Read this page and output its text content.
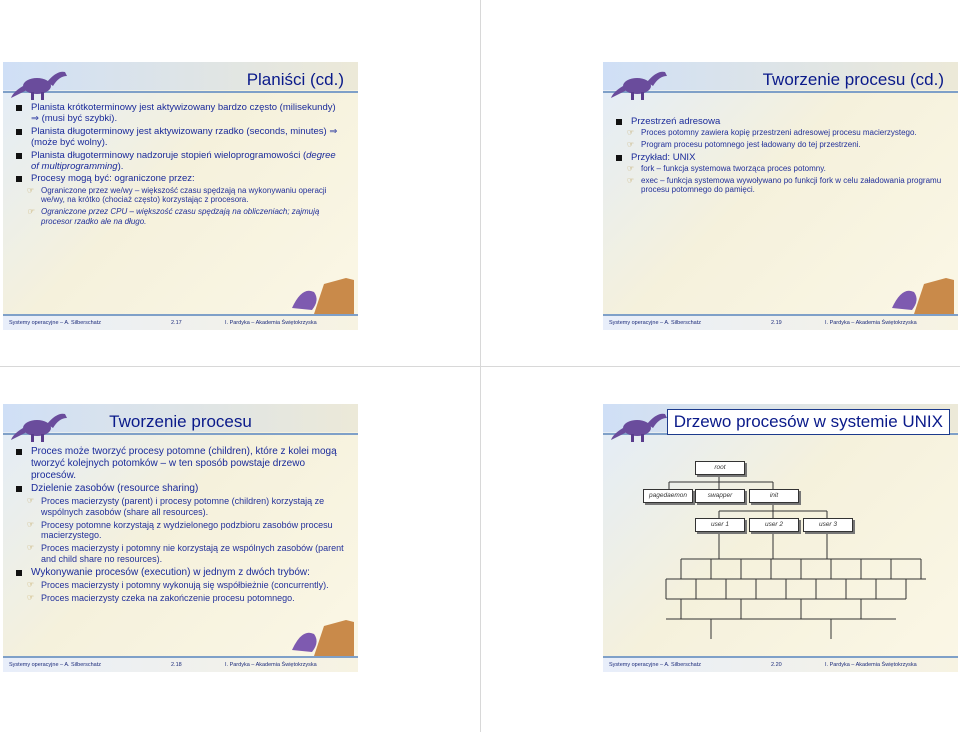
Planiści (cd.)
Planista krótkoterminowy jest aktywizowany bardzo często (milisekundy) ⇒ (musi być szybki).
Planista długoterminowy jest aktywizowany rzadko (seconds, minutes) ⇒ (może być wolny).
Planista długoterminowy nadzoruje stopień wieloprogramowości (degree of multiprogramming).
Procesy mogą być: ograniczone przez:
☞ Ograniczone przez we/wy – większość czasu spędzają na wykonywaniu operacji we/wy, na krótko (chociaż często) korzystając z procesora.
☞ Ograniczone przez CPU – większość czasu spędzają na obliczeniach; zajmują procesor rzadko ale na długo.
Systemy operacyjne – A. Silberschatz	2.17	I. Pardyka – Akademia Świętokrzyska
Tworzenie procesu (cd.)
Przestrzeń adresowa
☞ Proces potomny zawiera kopię przestrzeni adresowej procesu macierzystego.
☞ Program procesu potomnego jest ładowany do tej przestrzeni.
Przykład: UNIX
☞ fork – funkcja systemowa tworząca proces potomny.
☞ exec – funkcja systemowa wywoływano po funkcji fork w celu załadowania programu procesu potomnego do pamięci.
Systemy operacyjne – A. Silberschatz	2.19	I. Pardyka – Akademia Świętokrzyska
Tworzenie procesu
Proces może tworzyć procesy potomne (children), które z kolei mogą tworzyć kolejnych potomków – w ten sposób powstaje drzewo procesów.
Dzielenie zasobów (resource sharing)
☞ Proces macierzysty (parent) i procesy potomne (children) korzystają ze wspólnych zasobów (share all resources).
☞ Procesy potomne korzystają z wydzielonego podzbioru zasobów procesu macierzystego.
☞ Proces macierzysty i potomny nie korzystają ze wspólnych zasobów (parent and child share no resources).
Wykonywanie procesów (execution) w jednym z dwóch trybów:
☞ Proces macierzysty i potomny wykonują się współbieżnie (concurrently).
☞ Proces macierzysty czeka na zakończenie procesu potomnego.
Systemy operacyjne – A. Silberschatz	2.18	I. Pardyka – Akademia Świętokrzyska
Drzewo procesów w systemie UNIX
root
pagedaemon	swapper	init
user 1	user 2	user 3
Systemy operacyjne – A. Silberschatz	2.20	I. Pardyka – Akademia Świętokrzyska
